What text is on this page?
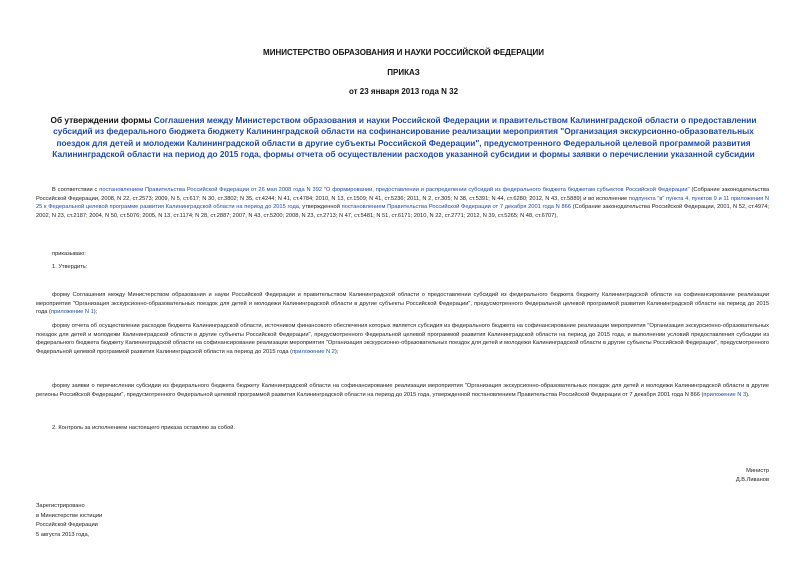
МИНИСТЕРСТВО ОБРАЗОВАНИЯ И НАУКИ РОССИЙСКОЙ ФЕДЕРАЦИИ
ПРИКАЗ
от 23 января 2013 года N 32
Об утверждении формы Соглашения между Министерством образования и науки Российской Федерации и правительством Калининградской области о предоставлении субсидий из федерального бюджета бюджету Калининградской области на софинансирование реализации мероприятия "Организация экскурсионно-образовательных поездок для детей и молодежи Калининградской области в другие субъекты Российской Федерации", предусмотренного Федеральной целевой программой развития Калининградской области на период до 2015 года, формы отчета об осуществлении расходов указанной субсидии и формы заявки о перечислении указанной субсидии
В соответствии с постановлением Правительства Российской Федерации от 26 мая 2008 года N 392 "О формировании, предоставлении и распределении субсидий из федерального бюджета бюджетам субъектов Российской Федерации" (Собрание законодательства Российской Федерации, 2008, N 22, ст.2573; 2009, N 5, ст.617; N 30, ст.3802; N 35, ст.4244; N 41, ст.4784; 2010, N 13, ст.1509; N 41, ст.5236; 2011, N 2, ст.305; N 38, ст.5391; N 44, ст.6280; 2012, N 43, ст.5889) и во исполнение подпункта "в" пункта 4, пунктов 9 и 11 приложения N 25 к Федеральной целевой программе развития Калининградской области на период до 2015 года, утвержденной постановлением Правительства Российской Федерации от 7 декабря 2001 года N 866 (Собрание законодательства Российской Федерации, 2001, N 52, ст.4974; 2002, N 23, ст.2187; 2004, N 50, ст.5076; 2005, N 13, ст.1174; N 28, ст.2887; 2007, N 43, ст.5200; 2008, N 23, ст.2713; N 47, ст.5481; N 51, ст.6171; 2010, N 22, ст.2771; 2012, N 39, ст.5265; N 48, ст.6707),
приказываю:
1. Утвердить:
форму Соглашения между Министерством образования и науки Российской Федерации и правительством Калининградской области о предоставлении субсидий из федерального бюджета бюджету Калининградской области на софинансирование реализации мероприятия "Организация экскурсионно-образовательных поездок для детей и молодежи Калининградской области в другие субъекты Российской Федерации", предусмотренного Федеральной целевой программой развития Калининградской области на период до 2015 года (приложение N 1);
форму отчета об осуществлении расходов бюджета Калининградской области, источником финансового обеспечения которых является субсидия из федерального бюджета на софинансирование реализации мероприятия "Организация экскурсионно-образовательных поездок для детей и молодежи Калининградской области в другие субъекты Российской Федерации", предусмотренного Федеральной целевой программой развития Калининградской области на период до 2015 года, и выполнении условий предоставления субсидии из федерального бюджета бюджету Калининградской области на софинансирование реализации мероприятия "Организация экскурсионно-образовательных поездок для детей и молодежи Калининградской области в другие субъекты Российской Федерации", предусмотренного Федеральной целевой программой развития Калининградской области на период до 2015 года (приложение N 2);
форму заявки о перечислении субсидии из федерального бюджета бюджету Калининградской области на софинансирование реализации мероприятия "Организация экскурсионно-образовательных поездок для детей и молодежи Калининградской области в другие регионы Российской Федерации", предусмотренного Федеральной целевой программой развития Калининградской области на период до 2015 года, утвержденной постановлением Правительства Российской Федерации от 7 декабря 2001 года N 866 (приложение N 3).
2. Контроль за исполнением настоящего приказа оставляю за собой.
Министр
Д.В.Ливанов
Зарегистрировано
в Министерстве юстиции
Российской Федерации
5 августа 2013 года,
